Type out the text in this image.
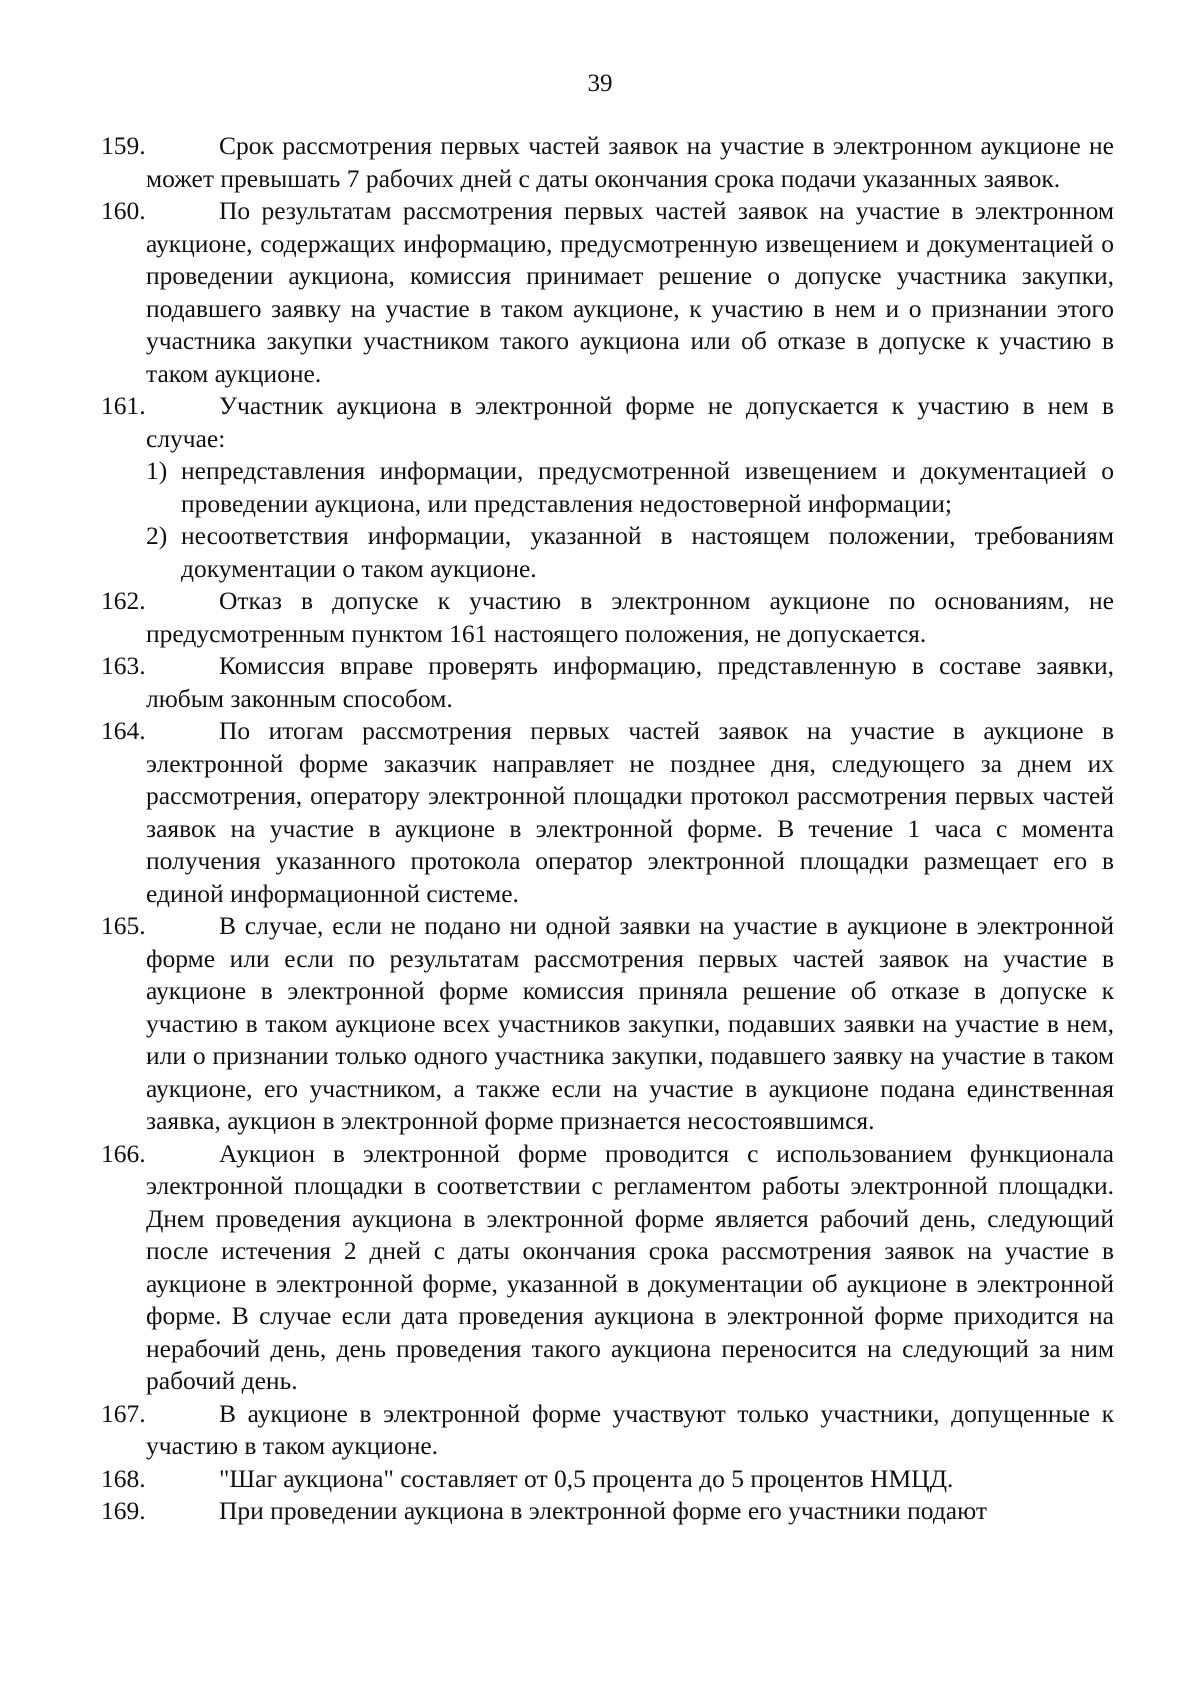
39

159.	Срок рассмотрения первых частей заявок на участие в электронном аукционе не может превышать 7 рабочих дней с даты окончания срока подачи указанных заявок.

160.	По результатам рассмотрения первых частей заявок на участие в электронном аукционе, содержащих информацию, предусмотренную извещением и документацией о проведении аукциона, комиссия принимает решение о допуске участника закупки, подавшего заявку на участие в таком аукционе, к участию в нем и о признании этого участника закупки участником такого аукциона или об отказе в допуске к участию в таком аукционе.

161.	Участник аукциона в электронной форме не допускается к участию в нем в случае:

1) непредставления информации, предусмотренной извещением и документацией о проведении аукциона, или представления недостоверной информации;

2) несоответствия информации, указанной в настоящем положении, требованиям документации о таком аукционе.

162.	Отказ в допуске к участию в электронном аукционе по основаниям, не предусмотренным пунктом 161 настоящего положения, не допускается.

163.	Комиссия вправе проверять информацию, представленную в составе заявки, любым законным способом.

164.	По итогам рассмотрения первых частей заявок на участие в аукционе в электронной форме заказчик направляет не позднее дня, следующего за днем их рассмотрения, оператору электронной площадки протокол рассмотрения первых частей заявок на участие в аукционе в электронной форме. В течение 1 часа с момента получения указанного протокола оператор электронной площадки размещает его в единой информационной системе.

165.	В случае, если не подано ни одной заявки на участие в аукционе в электронной форме или если по результатам рассмотрения первых частей заявок на участие в аукционе в электронной форме комиссия приняла решение об отказе в допуске к участию в таком аукционе всех участников закупки, подавших заявки на участие в нем, или о признании только одного участника закупки, подавшего заявку на участие в таком аукционе, его участником, а также если на участие в аукционе подана единственная заявка, аукцион в электронной форме признается несостоявшимся.

166.	Аукцион в электронной форме проводится с использованием функционала электронной площадки в соответствии с регламентом работы электронной площадки. Днем проведения аукциона в электронной форме является рабочий день, следующий после истечения 2 дней с даты окончания срока рассмотрения заявок на участие в аукционе в электронной форме, указанной в документации об аукционе в электронной форме. В случае если дата проведения аукциона в электронной форме приходится на нерабочий день, день проведения такого аукциона переносится на следующий за ним рабочий день.

167.	В аукционе в электронной форме участвуют только участники, допущенные к участию в таком аукционе.

168.	"Шаг аукциона" составляет от 0,5 процента до 5 процентов НМЦД.

169.	При проведении аукциона в электронной форме его участники подают
